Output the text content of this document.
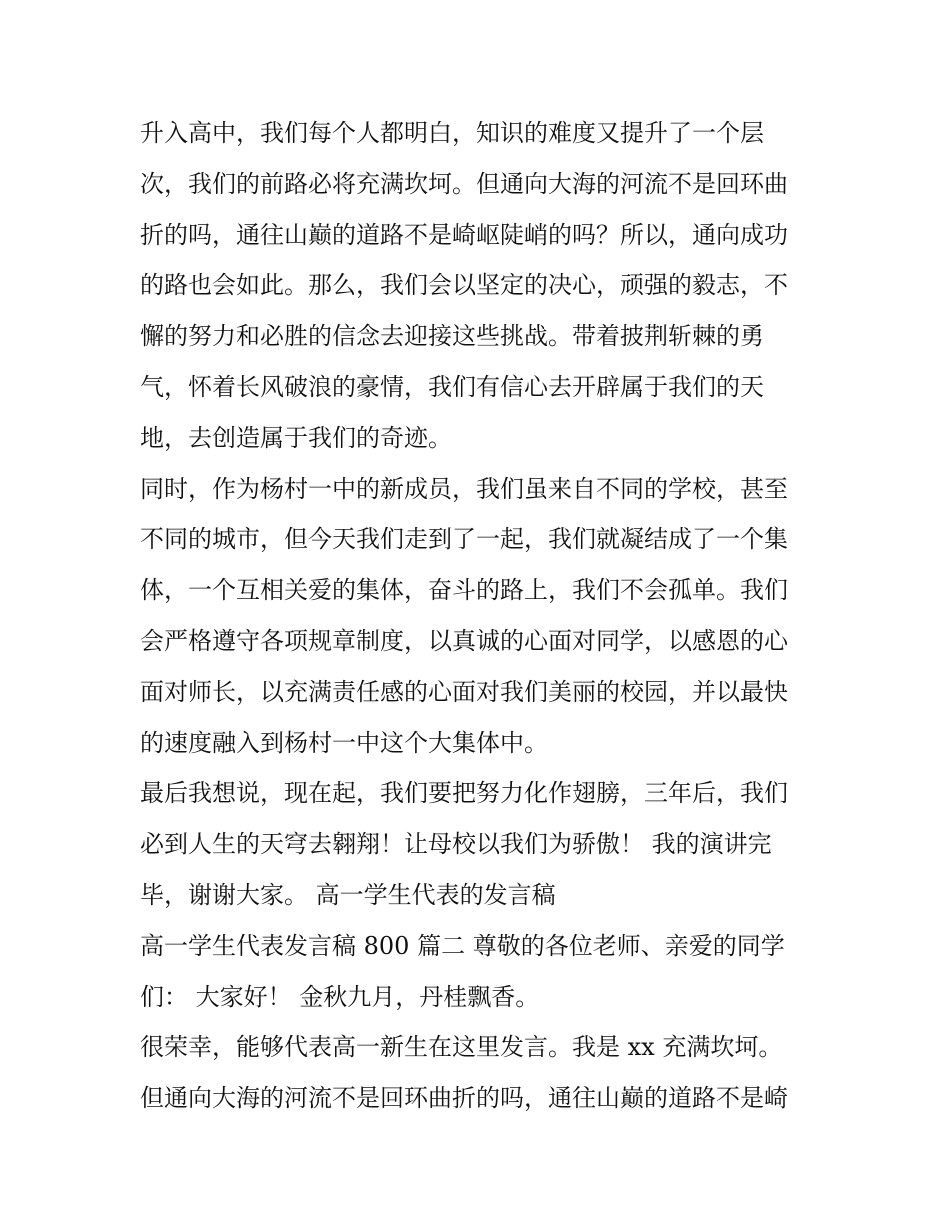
升入高中，我们每个人都明白，知识的难度又提升了一个层
次，我们的前路必将充满坎坷。但通向大海的河流不是回环曲
折的吗，通往山巅的道路不是崎岖陡峭的吗？所以，通向成功
的路也会如此。那么，我们会以坚定的决心，顽强的毅志，不
懈的努力和必胜的信念去迎接这些挑战。带着披荆斩棘的勇
气，怀着长风破浪的豪情，我们有信心去开辟属于我们的天
地，去创造属于我们的奇迹。
同时，作为杨村一中的新成员，我们虽来自不同的学校，甚至
不同的城市，但今天我们走到了一起，我们就凝结成了一个集
体，一个互相关爱的集体，奋斗的路上，我们不会孤单。我们
会严格遵守各项规章制度，以真诚的心面对同学，以感恩的心
面对师长，以充满责任感的心面对我们美丽的校园，并以最快
的速度融入到杨村一中这个大集体中。
最后我想说，现在起，我们要把努力化作翅膀，三年后，我们
必到人生的天穹去翱翔！让母校以我们为骄傲！ 我的演讲完
毕，谢谢大家。 高一学生代表的发言稿
高一学生代表发言稿 800 篇二 尊敬的各位老师、亲爱的同学
们： 大家好！ 金秋九月，丹桂飘香。
很荣幸，能够代表高一新生在这里发言。我是 xx 充满坎坷。
但通向大海的河流不是回环曲折的吗，通往山巅的道路不是崎
